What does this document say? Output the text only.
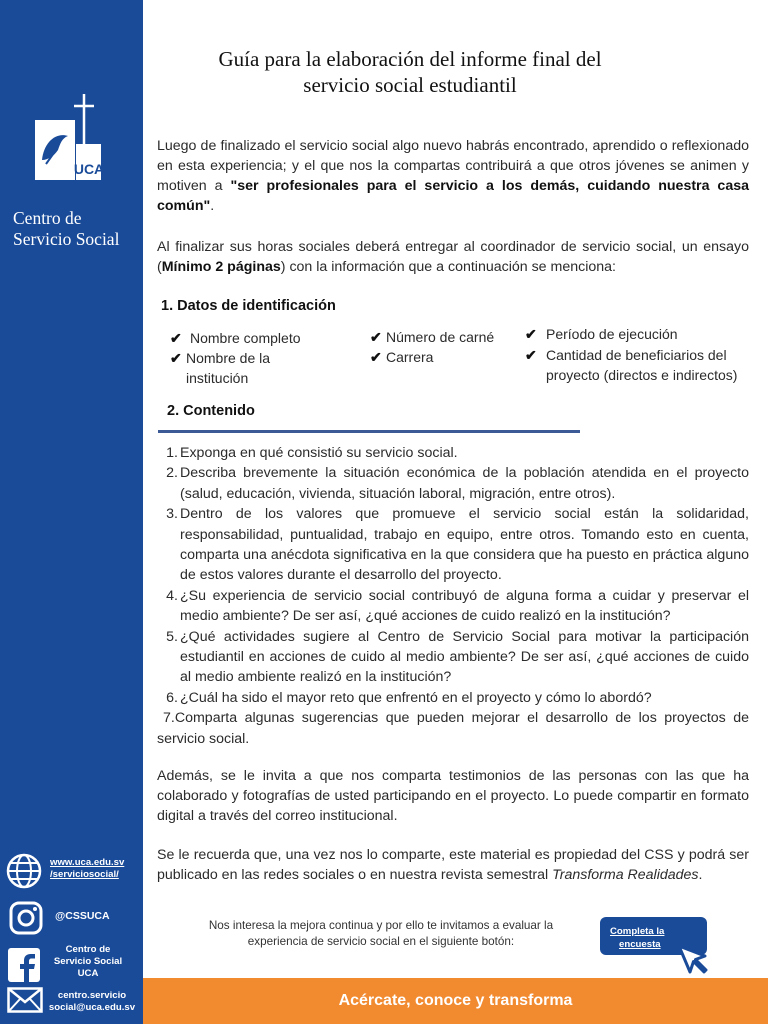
UCA
Centro de Servicio Social
www.uca.edu.sv
/serviciosocial/
@CSSUCA
Centro de
Servicio Social
UCA
centro.servicio
social@uca.edu.sv
Guía para la elaboración del informe final del
servicio social estudiantil
Luego de finalizado el servicio social algo nuevo habrás encontrado, aprendido o reflexionado en esta experiencia; y el que nos la compartas contribuirá a que otros jóvenes se animen y motiven a "ser profesionales para el servicio a los demás, cuidando nuestra casa común".
Al finalizar sus horas sociales deberá entregar al coordinador de servicio social, un ensayo (Mínimo 2 páginas) con la información que a continuación se menciona:
1. Datos de identificación
✔ Nombre completo
✔ Nombre de la institución
✔ Número de carné
✔ Carrera
✔ Período de ejecución
✔ Cantidad de beneficiarios del proyecto (directos e indirectos)
2. Contenido
1. Exponga en qué consistió su servicio social.
2. Describa brevemente la situación económica de la población atendida en el proyecto (salud, educación, vivienda, situación laboral, migración, entre otros).
3. Dentro de los valores que promueve el servicio social están la solidaridad, responsabilidad, puntualidad, trabajo en equipo, entre otros. Tomando esto en cuenta, comparta una anécdota significativa en la que considera que ha puesto en práctica alguno de estos valores durante el desarrollo del proyecto.
4. ¿Su experiencia de servicio social contribuyó de alguna forma a cuidar y preservar el medio ambiente? De ser así, ¿qué acciones de cuido realizó en la institución?
5. ¿Qué actividades sugiere al Centro de Servicio Social para motivar la participación estudiantil en acciones de cuido al medio ambiente? De ser así, ¿qué acciones de cuido al medio ambiente realizó en la institución?
6. ¿Cuál ha sido el mayor reto que enfrentó en el proyecto y cómo lo abordó?
7.Comparta algunas sugerencias que pueden mejorar el desarrollo de los proyectos de servicio social.
Además, se le invita a que nos comparta testimonios de las personas con las que ha colaborado y fotografías de usted participando en el proyecto. Lo puede compartir en formato digital a través del correo institucional.
Se le recuerda que, una vez nos lo comparte, este material es propiedad del CSS y podrá ser publicado en las redes sociales o en nuestra revista semestral Transforma Realidades.
Nos interesa la mejora continua y por ello te invitamos a evaluar la experiencia de servicio social en el siguiente botón:
Completa la
encuesta
Acércate, conoce y transforma
